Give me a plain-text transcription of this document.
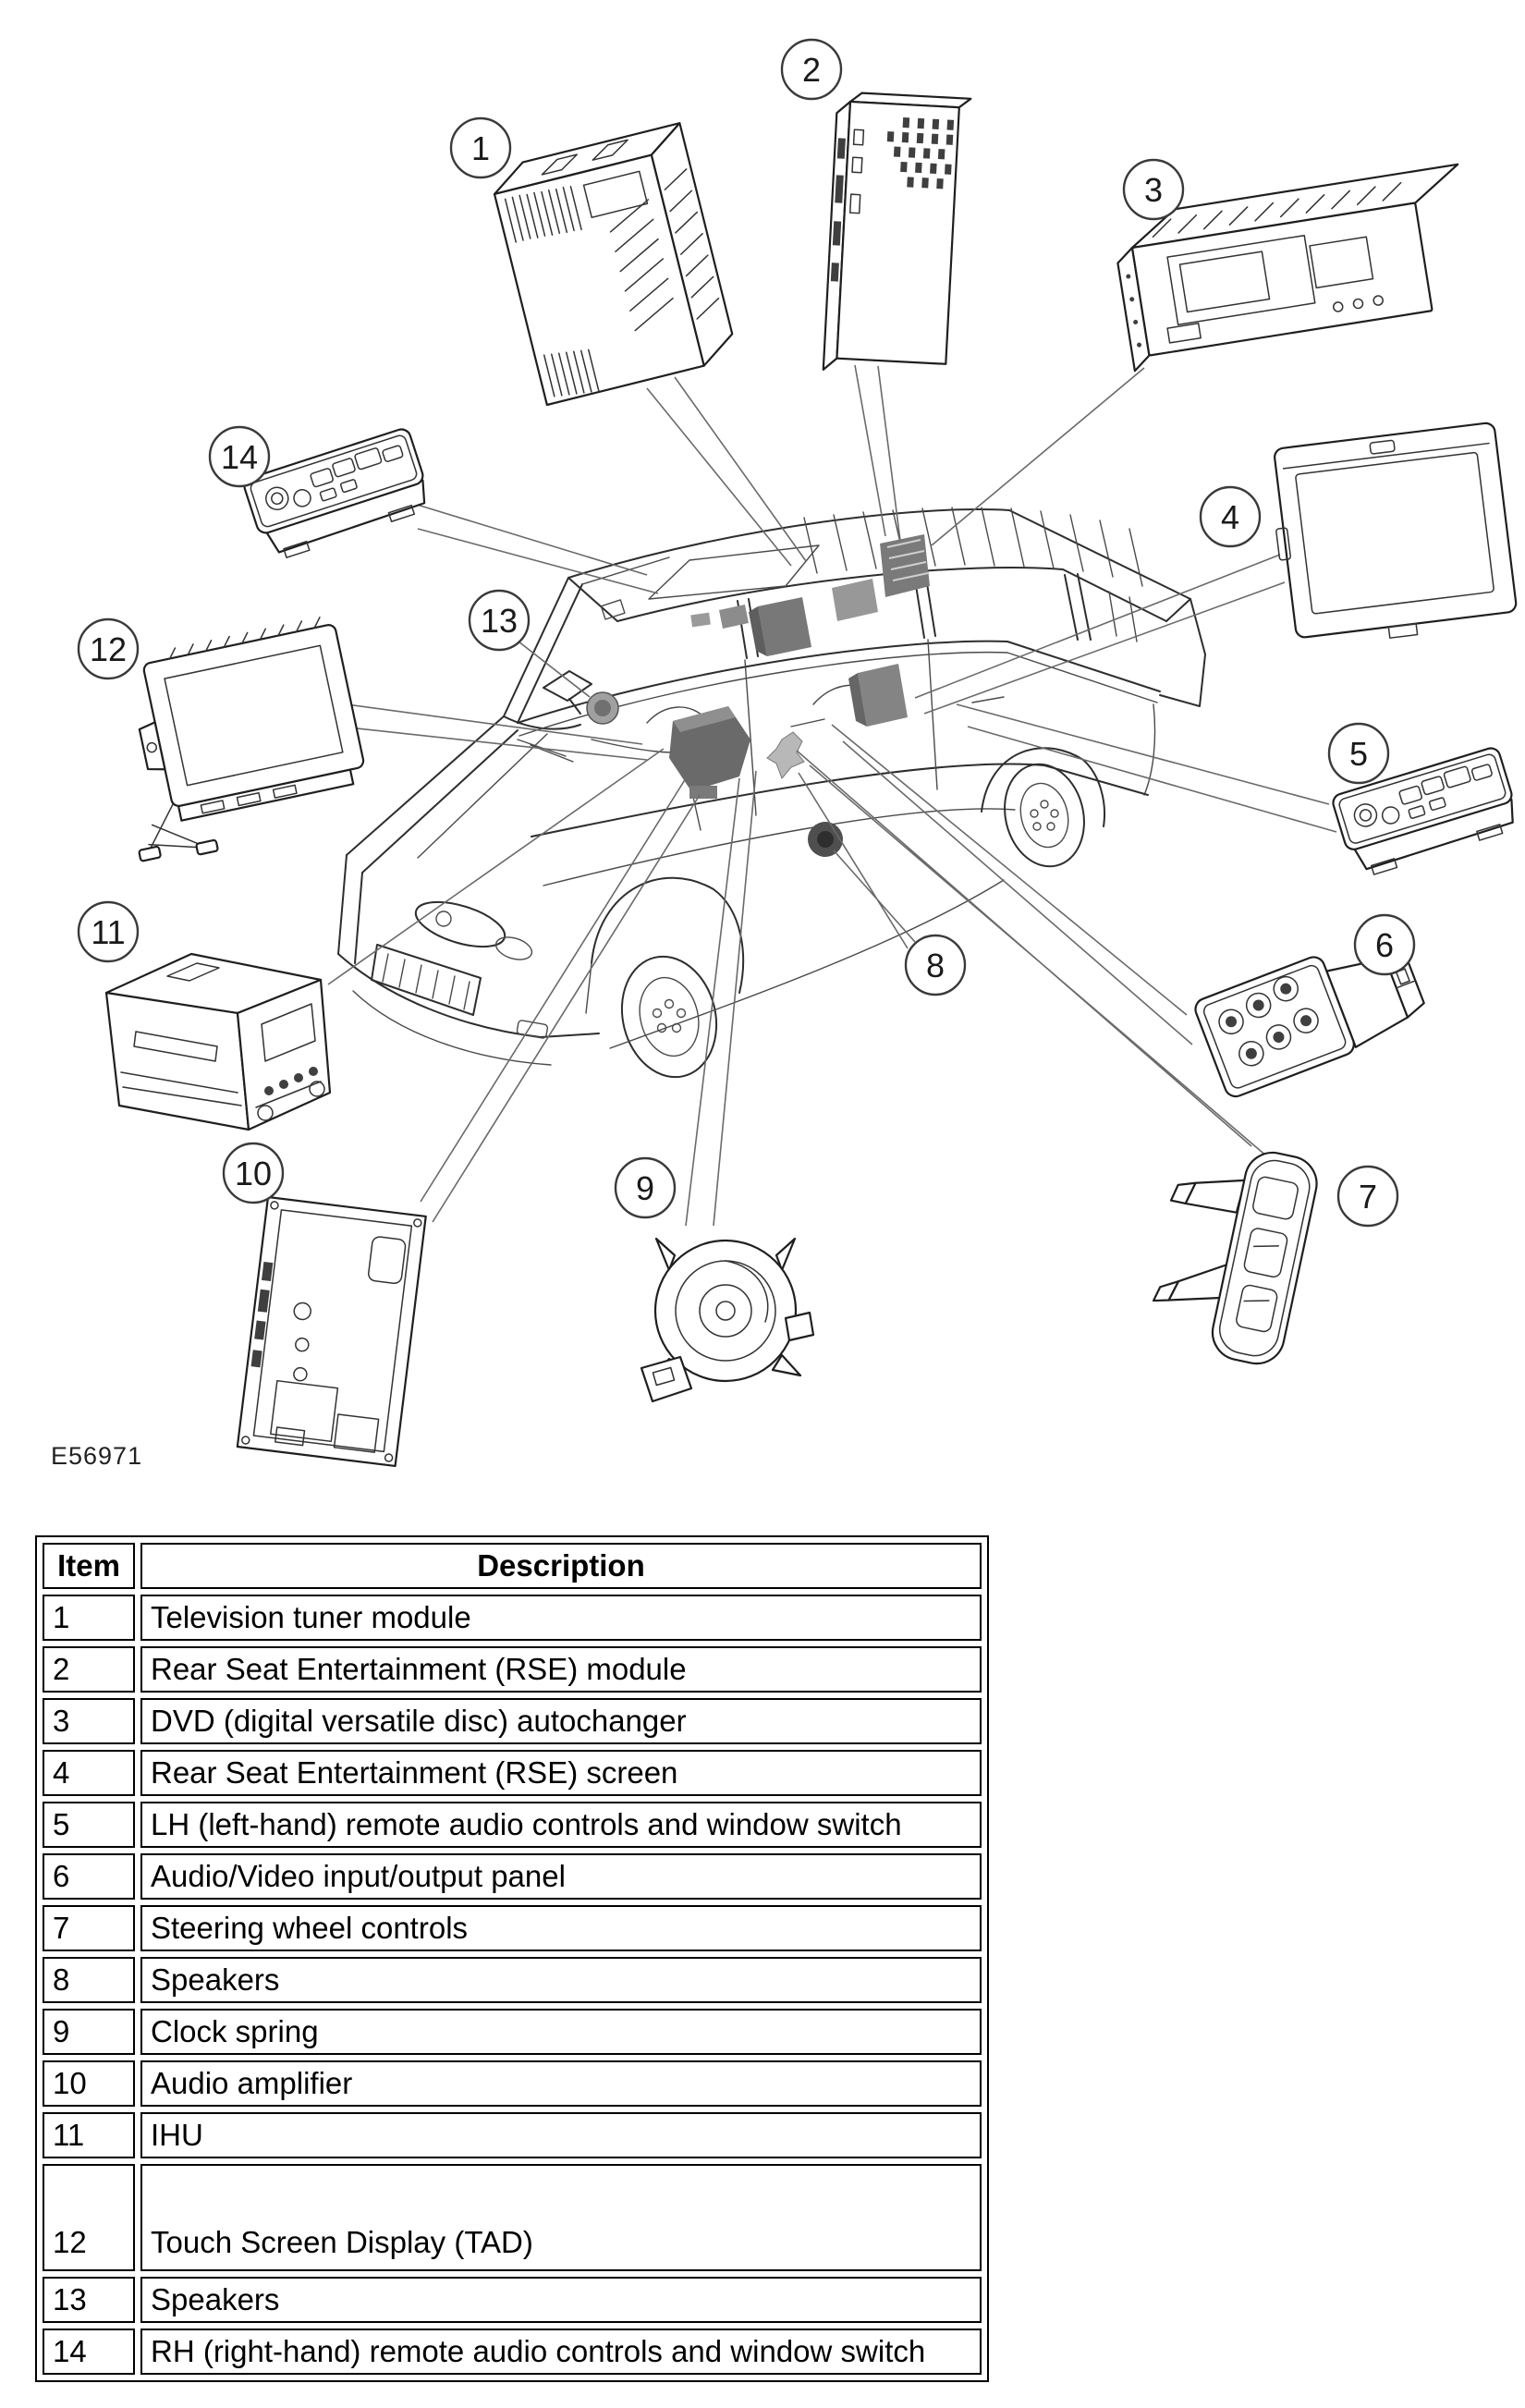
1
2
3
4
5
6
7
8
9
10
11
12
13
14
E56971
Item	Description
1	Television tuner module
2	Rear Seat Entertainment (RSE) module
3	DVD (digital versatile disc) autochanger
4	Rear Seat Entertainment (RSE) screen
5	LH (left-hand) remote audio controls and window switch
6	Audio/Video input/output panel
7	Steering wheel controls
8	Speakers
9	Clock spring
10	Audio amplifier
11	IHU
12	Touch Screen Display (TAD)
13	Speakers
14	RH (right-hand) remote audio controls and window switch
